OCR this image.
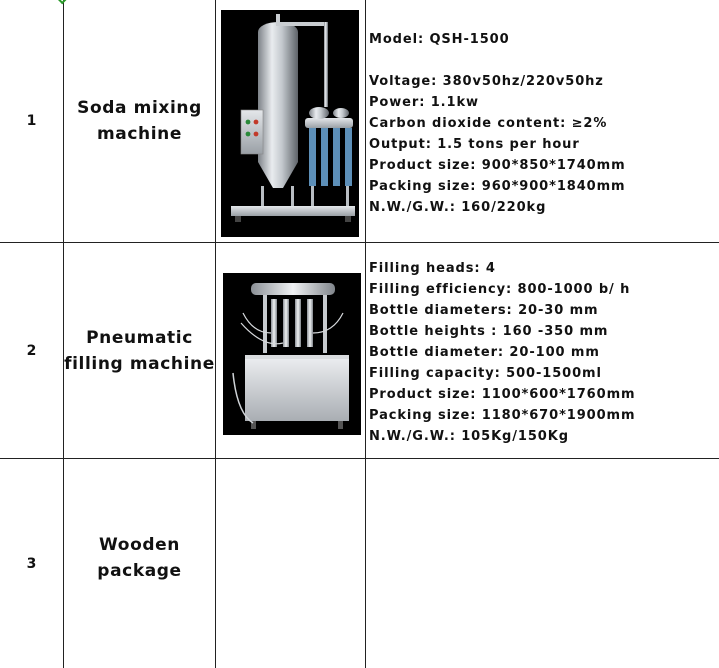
1
Soda mixing
machine
Model: QSH-1500
Voltage: 380v50hz/220v50hz
Power: 1.1kw
Carbon dioxide content: ≥2%
Output: 1.5 tons per hour
Product size: 900*850*1740mm
Packing size: 960*900*1840mm
N.W./G.W.: 160/220kg
2
Pneumatic
filling machine
Filling heads: 4
Filling efficiency: 800-1000 b/ h
Bottle diameters: 20-30 mm
Bottle heights : 160 -350 mm
Bottle diameter: 20-100 mm
Filling capacity: 500-1500ml
Product size: 1100*600*1760mm
Packing size: 1180*670*1900mm
N.W./G.W.: 105Kg/150Kg
3
Wooden
package
